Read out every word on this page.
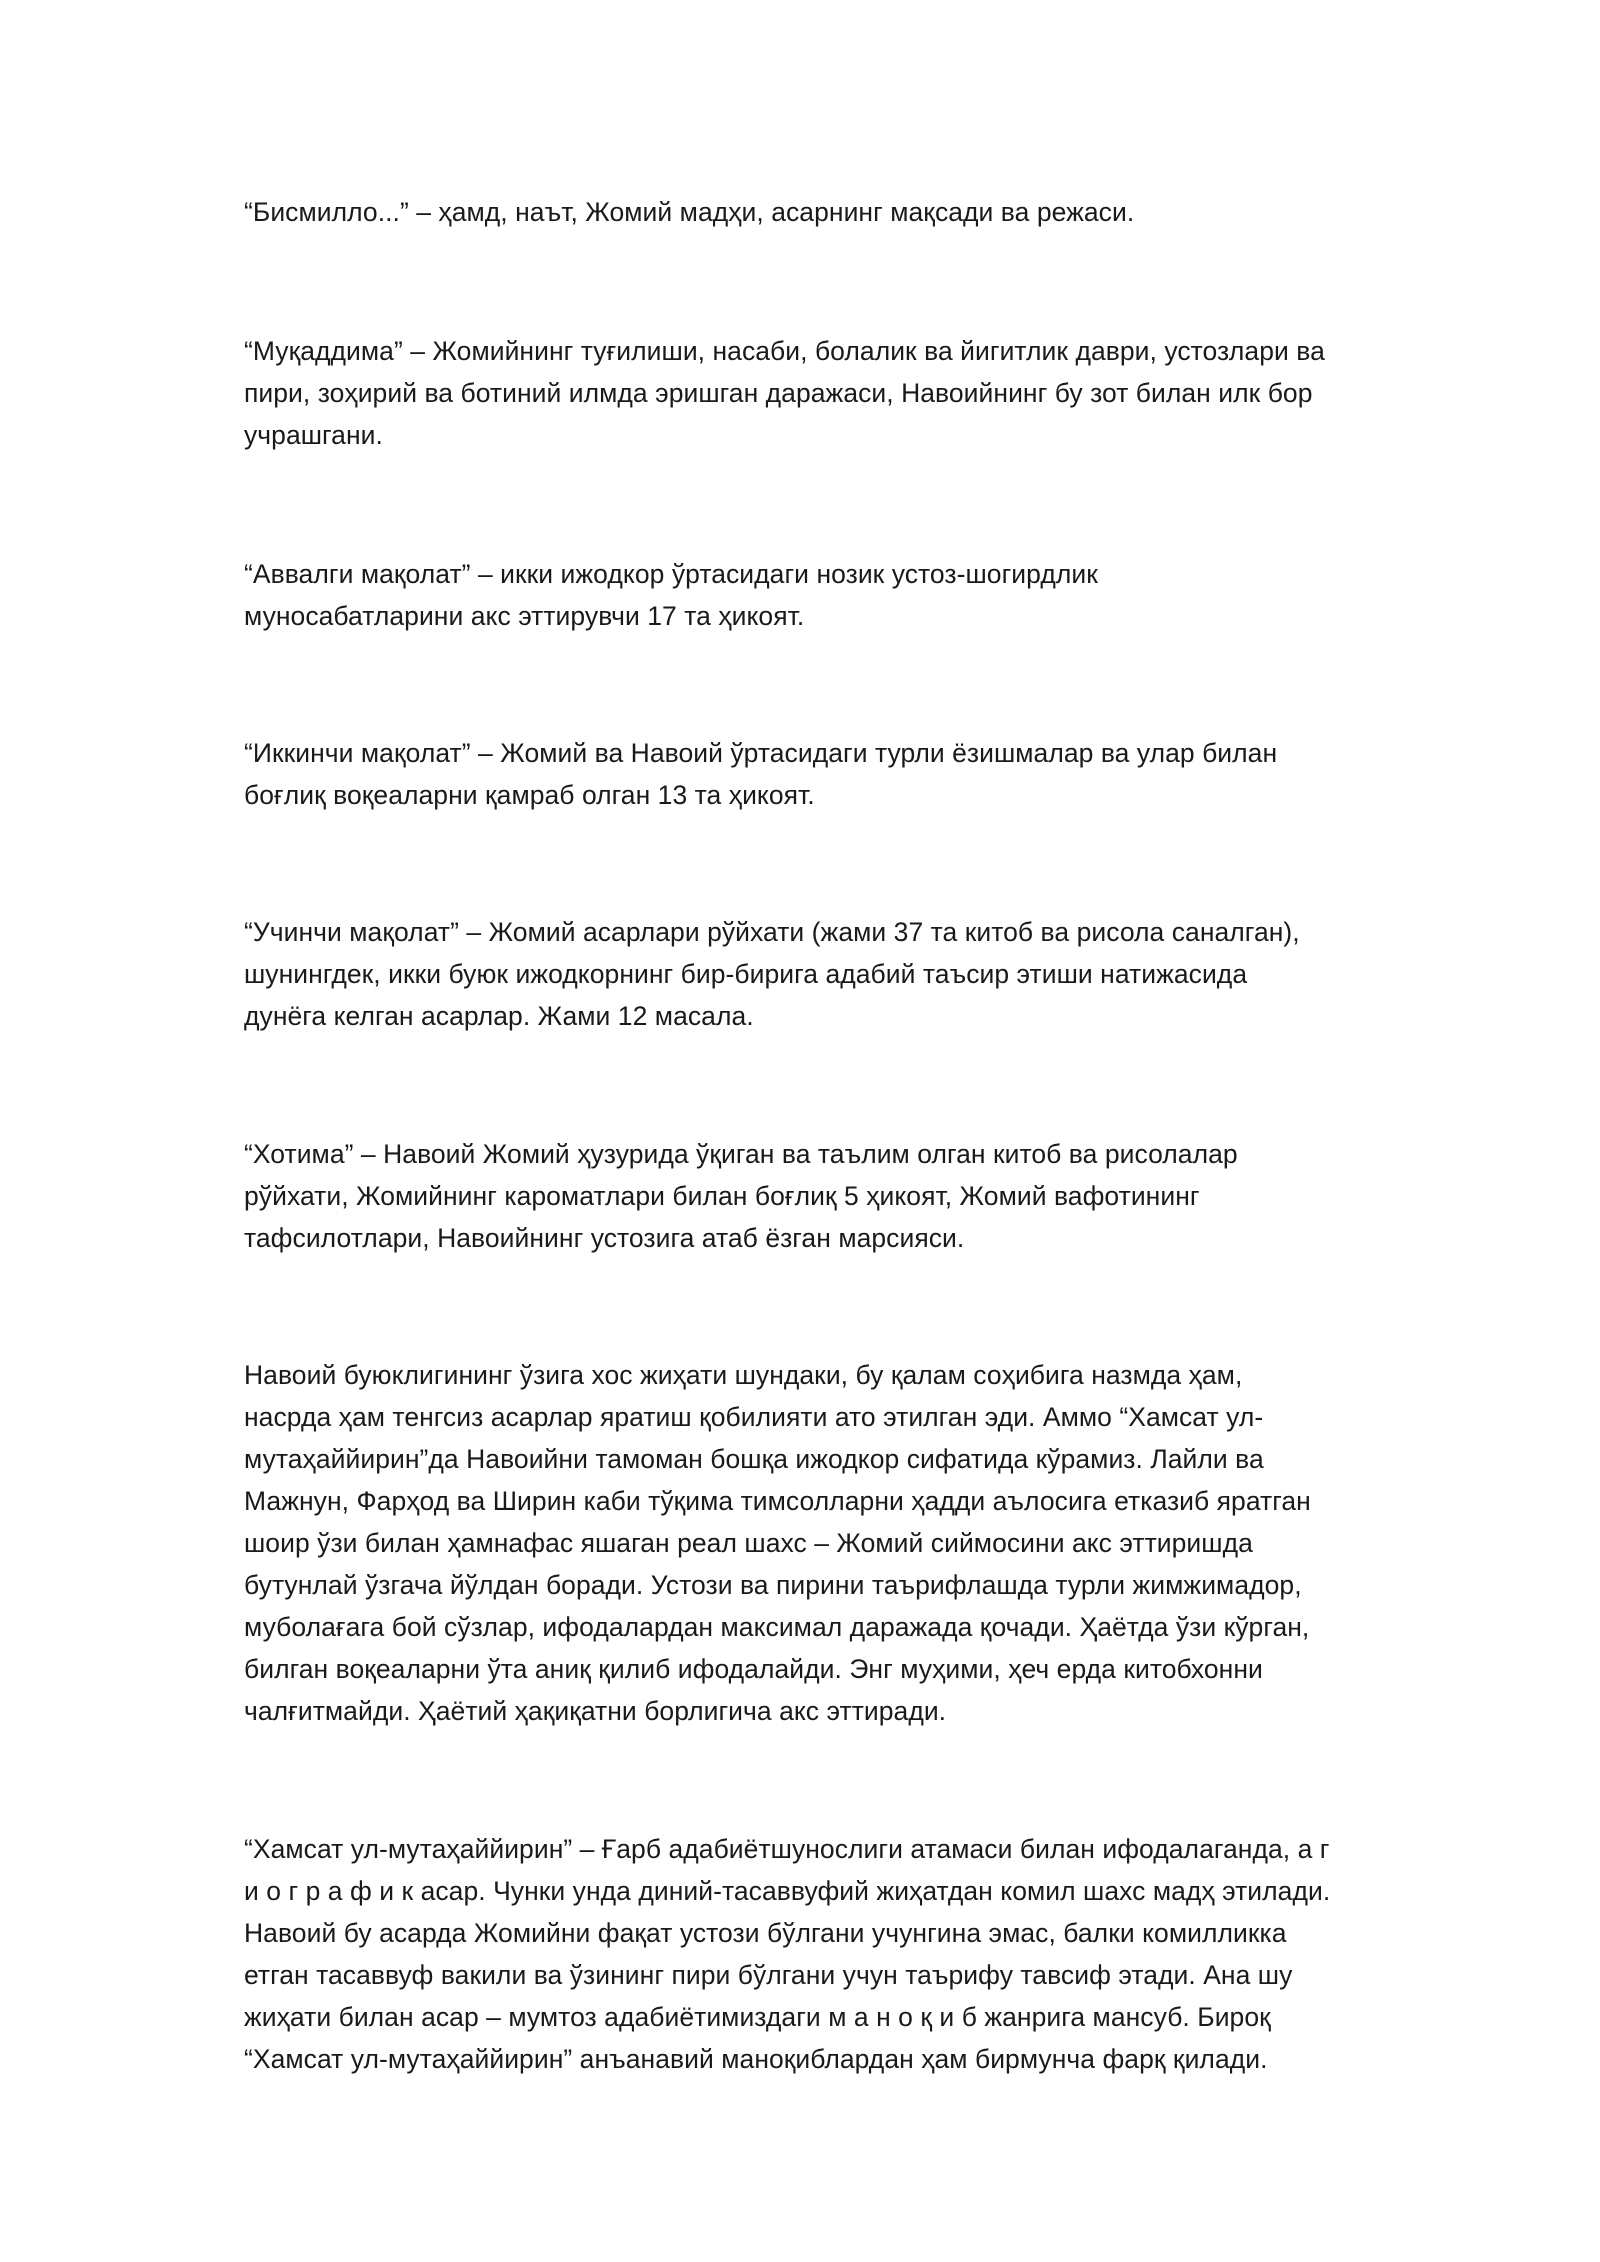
“Бисмилло...” – ҳамд, наът, Жомий мадҳи, асарнинг мақсади ва режаси.

“Муқаддима” – Жомийнинг туғилиши, насаби, болалик ва йигитлик даври, устозлари ва
пири, зоҳирий ва ботиний илмда эришган даражаси, Навоийнинг бу зот билан илк бор
учрашгани.

“Аввалги мақолат” – икки ижодкор ўртасидаги нозик устоз-шогирдлик
муносабатларини акс эттирувчи 17 та ҳикоят.

“Иккинчи мақолат” – Жомий ва Навоий ўртасидаги турли ёзишмалар ва улар билан
боғлиқ воқеаларни қамраб олган 13 та ҳикоят.

“Учинчи мақолат” – Жомий асарлари рўйхати (жами 37 та китоб ва рисола саналган),
шунингдек, икки буюк ижодкорнинг бир-бирига адабий таъсир этиши натижасида
дунёга келган асарлар. Жами 12 масала.

“Хотима” – Навоий Жомий ҳузурида ўқиган ва таълим олган китоб ва рисолалар
рўйхати, Жомийнинг кароматлари билан боғлиқ 5 ҳикоят, Жомий вафотининг
тафсилотлари, Навоийнинг устозига атаб ёзган марсияси.

Навоий буюклигининг ўзига хос жиҳати шундаки, бу қалам соҳибига назмда ҳам,
насрда ҳам тенгсиз асарлар яратиш қобилияти ато этилган эди. Аммо “Хамсат ул-
мутаҳаййирин”да Навоийни тамоман бошқа ижодкор сифатида кўрамиз. Лайли ва
Мажнун, Фарҳод ва Ширин каби тўқима тимсолларни ҳадди аълосига етказиб яратган
шоир ўзи билан ҳамнафас яшаган реал шахс – Жомий сиймосини акс эттиришда
бутунлай ўзгача йўлдан боради. Устози ва пирини таърифлашда турли жимжимадор,
муболағага бой сўзлар, ифодалардан максимал даражада қочади. Ҳаётда ўзи кўрган,
билган воқеаларни ўта аниқ қилиб ифодалайди. Энг муҳими, ҳеч ерда китобхонни
чалғитмайди. Ҳаётий ҳақиқатни борлигича акс эттиради.

“Хамсат ул-мутаҳаййирин” – Ғарб адабиётшунослиги атамаси билан ифодалаганда, а г
и о г р а ф и к асар. Чунки унда диний-тасаввуфий жиҳатдан комил шахс мадҳ этилади.
Навоий бу асарда Жомийни фақат устози бўлгани учунгина эмас, балки комилликка
етган тасаввуф вакили ва ўзининг пири бўлгани учун таърифу тавсиф этади. Ана шу
жиҳати билан асар – мумтоз адабиётимиздаги м а н о қ и б жанрига мансуб. Бироқ
“Хамсат ул-мутаҳаййирин” анъанавий маноқиблардан ҳам бирмунча фарқ қилади.
